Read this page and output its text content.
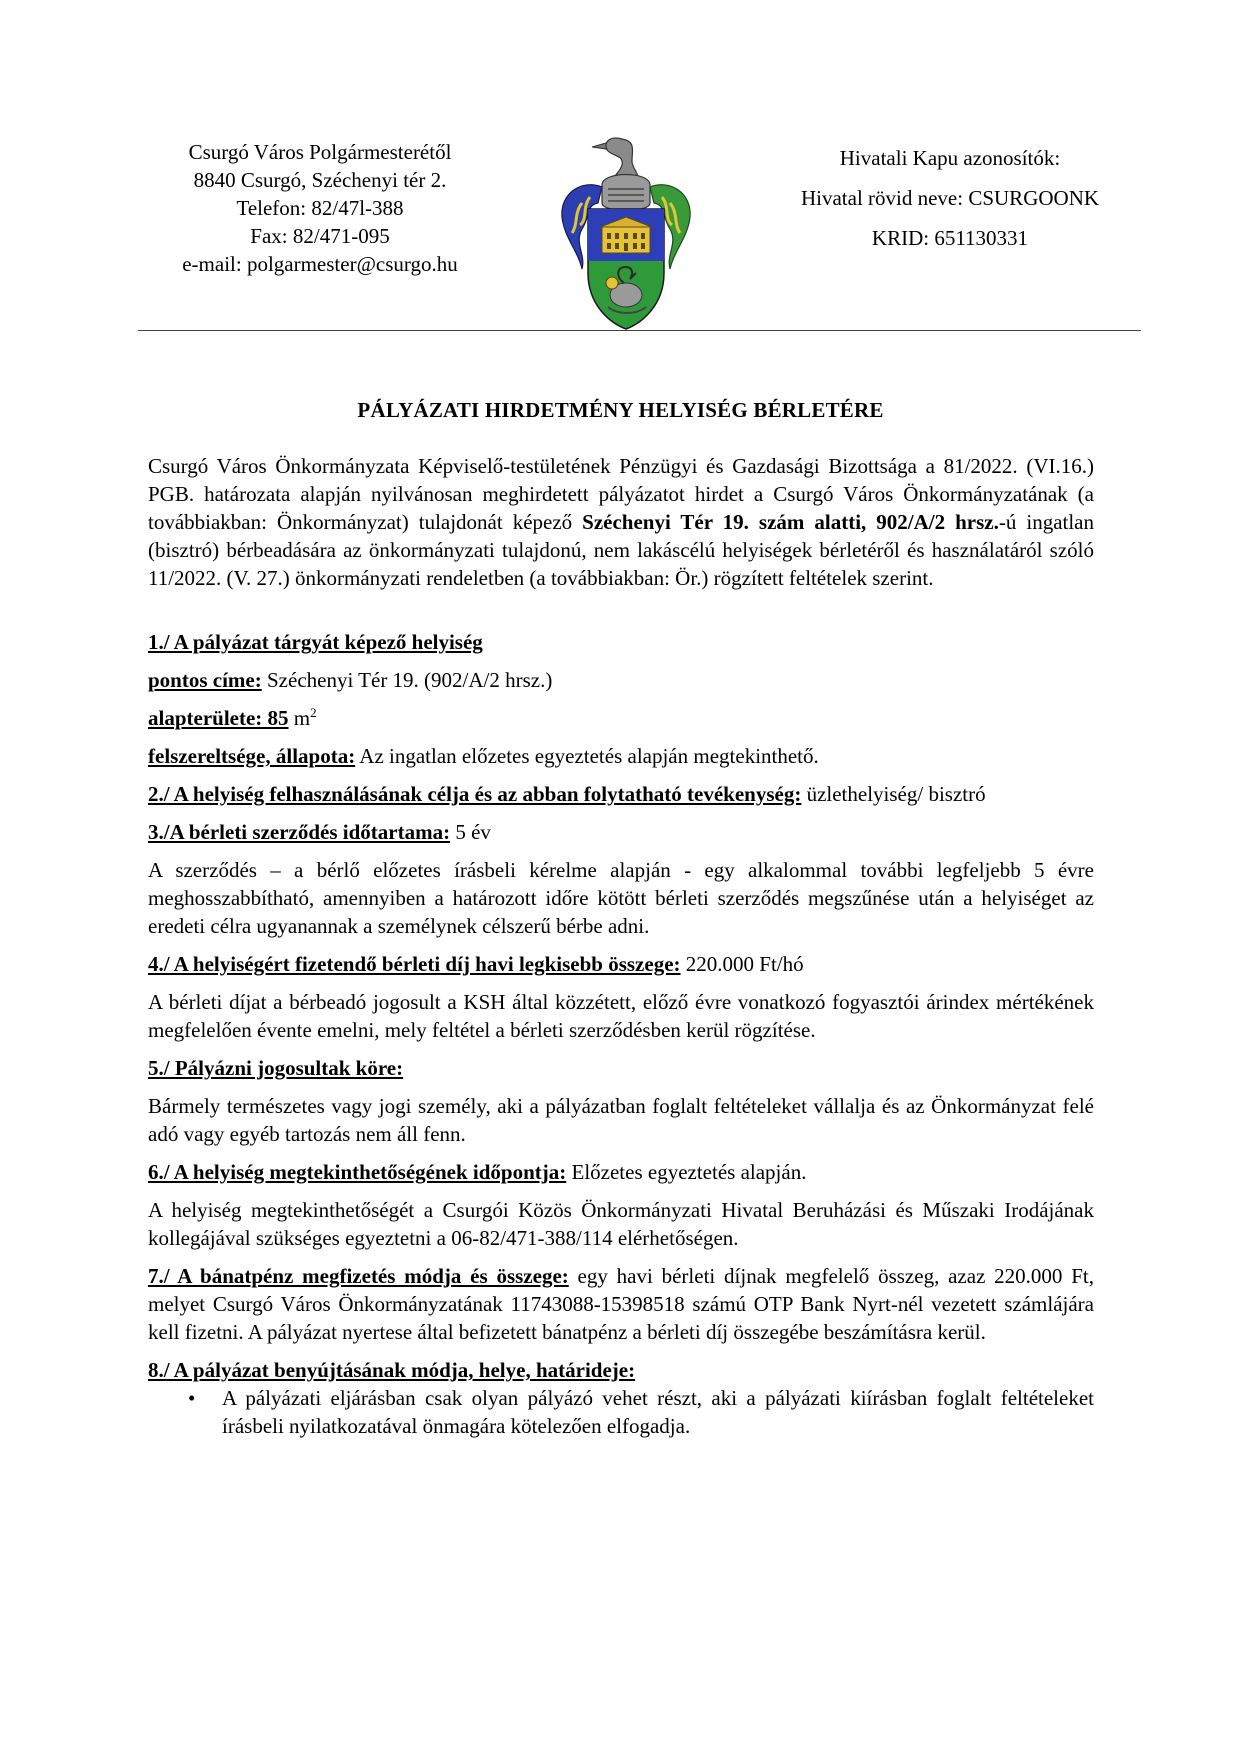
Csurgó Város Polgármesterétől
8840 Csurgó, Széchenyi tér 2.
Telefon: 82/47l-388
Fax: 82/471-095
e-mail: polgarmester@csurgo.hu
Hivatali Kapu azonosítók:
Hivatal rövid neve: CSURGOONK
KRID: 651130331
PÁLYÁZATI HIRDETMÉNY HELYISÉG BÉRLETÉRE

Csurgó Város Önkormányzata Képviselő-testületének Pénzügyi és Gazdasági Bizottsága a 81/2022. (VI.16.) PGB. határozata alapján nyilvánosan meghirdetett pályázatot hirdet a Csurgó Város Önkormányzatának (a továbbiakban: Önkormányzat) tulajdonát képező Széchenyi Tér 19. szám alatti, 902/A/2 hrsz.-ú ingatlan (bisztró) bérbeadására az önkormányzati tulajdonú, nem lakáscélú helyiségek bérletéről és használatáról szóló 11/2022. (V. 27.) önkormányzati rendeletben (a továbbiakban: Ör.) rögzített feltételek szerint.

1./ A pályázat tárgyát képező helyiség

pontos címe: Széchenyi Tér 19. (902/A/2 hrsz.)

alapterülete: 85 $m^2$

felszereltsége, állapota: Az ingatlan előzetes egyeztetés alapján megtekinthető.

2./ A helyiség felhasználásának célja és az abban folytatható tevékenység: üzlethelyiség/ bisztró

3./A bérleti szerződés időtartama: 5 év

A szerződés – a bérlő előzetes írásbeli kérelme alapján - egy alkalommal további legfeljebb 5 évre meghosszabbítható, amennyiben a határozott időre kötött bérleti szerződés megszűnése után a helyiséget az eredeti célra ugyanannak a személynek célszerű bérbe adni.

4./ A helyiségért fizetendő bérleti díj havi legkisebb összege: 220.000 Ft/hó

A bérleti díjat a bérbeadó jogosult a KSH által közzétett, előző évre vonatkozó fogyasztói árindex mértékének megfelelően évente emelni, mely feltétel a bérleti szerződésben kerül rögzítése.

5./ Pályázni jogosultak köre:

Bármely természetes vagy jogi személy, aki a pályázatban foglalt feltételeket vállalja és az Önkormányzat felé adó vagy egyéb tartozás nem áll fenn.

6./ A helyiség megtekinthetőségének időpontja: Előzetes egyeztetés alapján.

A helyiség megtekinthetőségét a Csurgói Közös Önkormányzati Hivatal Beruházási és Műszaki Irodájának kollegájával szükséges egyeztetni a 06-82/471-388/114 elérhetőségen.

7./ A bánatpénz megfizetés módja és összege: egy havi bérleti díjnak megfelelő összeg, azaz 220.000 Ft, melyet Csurgó Város Önkormányzatának 11743088-15398518 számú OTP Bank Nyrt-nél vezetett számlájára kell fizetni. A pályázat nyertese által befizetett bánatpénz a bérleti díj összegébe beszámításra kerül.

8./ A pályázat benyújtásának módja, helye, határideje:

• A pályázati eljárásban csak olyan pályázó vehet részt, aki a pályázati kiírásban foglalt feltételeket írásbeli nyilatkozatával önmagára kötelezően elfogadja.
